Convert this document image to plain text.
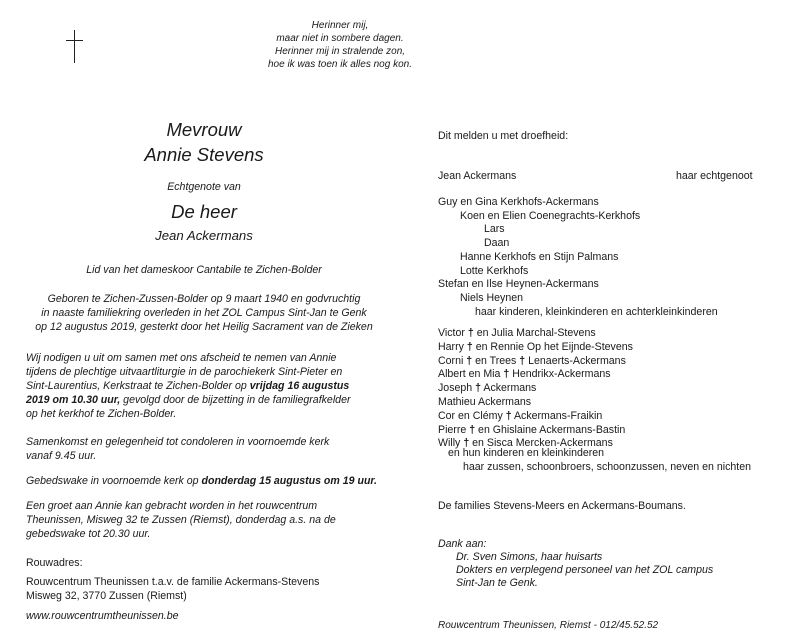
Herinner mij,
maar niet in sombere dagen.
Herinner mij in stralende zon,
hoe ik was toen ik alles nog kon.
Mevrouw
Annie Stevens
Echtgenote van
De heer
Jean Ackermans
Lid van het dameskoor Cantabile te Zichen-Bolder
Geboren te Zichen-Zussen-Bolder op 9 maart 1940 en godvruchtig
in naaste familiekring overleden in het ZOL Campus Sint-Jan te Genk
op 12 augustus 2019, gesterkt door het Heilig Sacrament van de Zieken
Wij nodigen u uit om samen met ons afscheid te nemen van Annie
tijdens de plechtige uitvaartliturgie in de parochiekerk Sint-Pieter en
Sint-Laurentius, Kerkstraat te Zichen-Bolder op vrijdag 16 augustus
2019 om 10.30 uur, gevolgd door de bijzetting in de familiegrafkelder
op het kerkhof te Zichen-Bolder.
Samenkomst en gelegenheid tot condoleren in voornoemde kerk
vanaf 9.45 uur.
Gebedswake in voornoemde kerk op donderdag 15 augustus om 19 uur.
Een groet aan Annie kan gebracht worden in het rouwcentrum
Theunissen, Misweg 32 te Zussen (Riemst), donderdag a.s. na de
gebedswake tot 20.30 uur.
Rouwadres:
Rouwcentrum Theunissen t.a.v. de familie Ackermans-Stevens
Misweg 32, 3770 Zussen (Riemst)
www.rouwcentrumtheunissen.be
Dit melden u met droefheid:
Jean Ackermans	haar echtgenoot
Guy en Gina Kerkhofs-Ackermans
Koen en Elien Coenegrachts-Kerkhofs
Lars
Daan
Hanne Kerkhofs en Stijn Palmans
Lotte Kerkhofs
Stefan en Ilse Heynen-Ackermans
Niels Heynen
haar kinderen, kleinkinderen en achterkleinkinderen
Victor † en Julia Marchal-Stevens
Harry † en Rennie Op het Eijnde-Stevens
Corni † en Trees † Lenaerts-Ackermans
Albert en Mia † Hendrikx-Ackermans
Joseph † Ackermans
Mathieu Ackermans
Cor en Clémy † Ackermans-Fraikin
Pierre † en Ghislaine Ackermans-Bastin
Willy † en Sisca Mercken-Ackermans
en hun kinderen en kleinkinderen
haar zussen, schoonbroers, schoonzussen, neven en nichten
De families Stevens-Meers en Ackermans-Boumans.
Dank aan:
Dr. Sven Simons, haar huisarts
Dokters en verplegend personeel van het ZOL campus
Sint-Jan te Genk.
Rouwcentrum Theunissen, Riemst - 012/45.52.52
